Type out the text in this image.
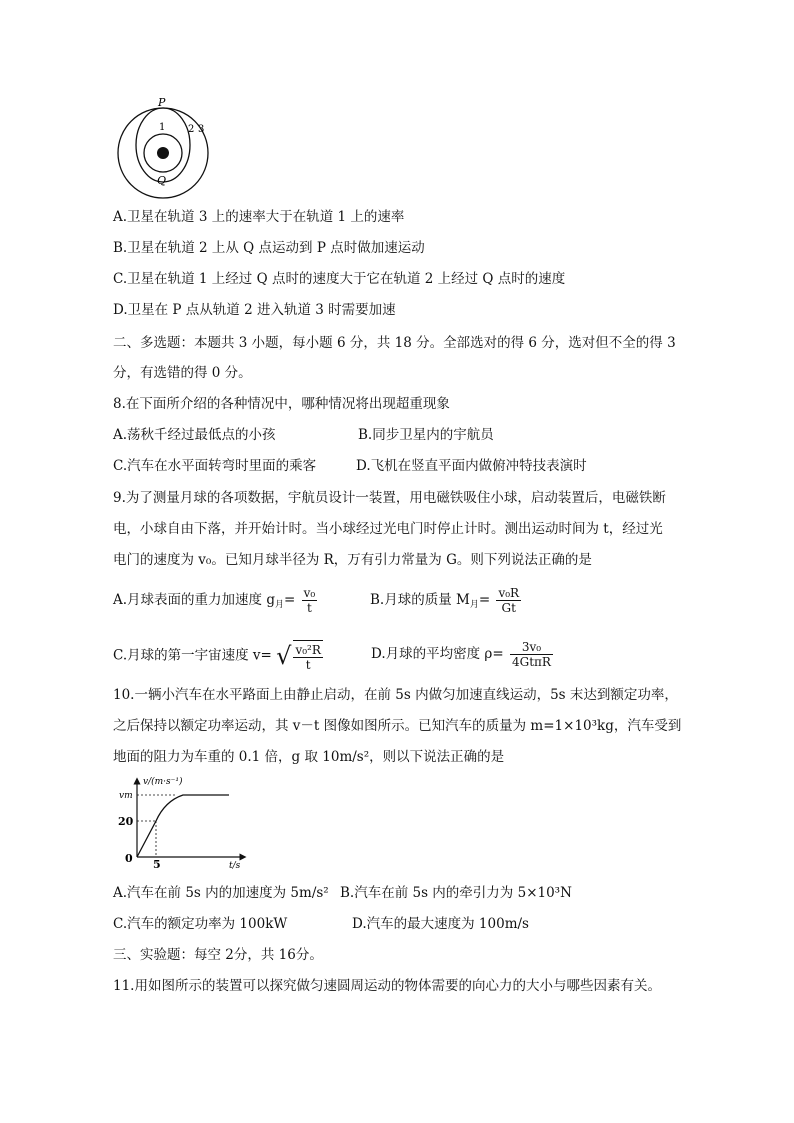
P
Q
1 2 3
A.卫星在轨道 3 上的速率大于在轨道 1 上的速率
B.卫星在轨道 2 上从 Q 点运动到 P 点时做加速运动
C.卫星在轨道 1 上经过 Q 点时的速度大于它在轨道 2 上经过 Q 点时的速度
D.卫星在 P 点从轨道 2 进入轨道 3 时需要加速
二、多选题：本题共 3 小题，每小题 6 分，共 18 分。全部选对的得 6 分，选对但不全的得 3
分，有选错的得 0 分。
8.在下面所介绍的各种情况中，哪种情况将出现超重现象
A.荡秋千经过最低点的小孩	B.同步卫星内的宇航员
C.汽车在水平面转弯时里面的乘客	D.飞机在竖直平面内做俯冲特技表演时
9.为了测量月球的各项数据，宇航员设计一装置，用电磁铁吸住小球，启动装置后，电磁铁断
电，小球自由下落，并开始计时。当小球经过光电门时停止计时。测出运动时间为 t，经过光
电门的速度为 v₀。已知月球半径为 R，万有引力常量为 G。则下列说法正确的是
A.月球表面的重力加速度 $g_月= \frac{\text{v₀}}{t}$	B.月球的质量 $M_月= \frac{\text{v₀R}}{Gt}$
C.月球的第一宇宙速度 v= √ $\frac{\text{v₀²R}}{t}$	D.月球的平均密度 $\rho= \frac{\text{3v₀}}{\text{4GtπR}}$
10.一辆小汽车在水平路面上由静止启动，在前 5s 内做匀加速直线运动，5s 末达到额定功率，
之后保持以额定功率运动，其 v－t 图像如图所示。已知汽车的质量为 m=1×10³kg，汽车受到
地面的阻力为车重的 0.1 倍，g 取 10m/s²，则以下说法正确的是
v/(m·s⁻¹)
vm
20
0 5	t/s
A.汽车在前 5s 内的加速度为 5m/s² B.汽车在前 5s 内的牵引力为 5×10³N
C.汽车的额定功率为 100kW	D.汽车的最大速度为 100m/s
三、实验题：每空 2分，共 16分。
11.用如图所示的装置可以探究做匀速圆周运动的物体需要的向心力的大小与哪些因素有关。
